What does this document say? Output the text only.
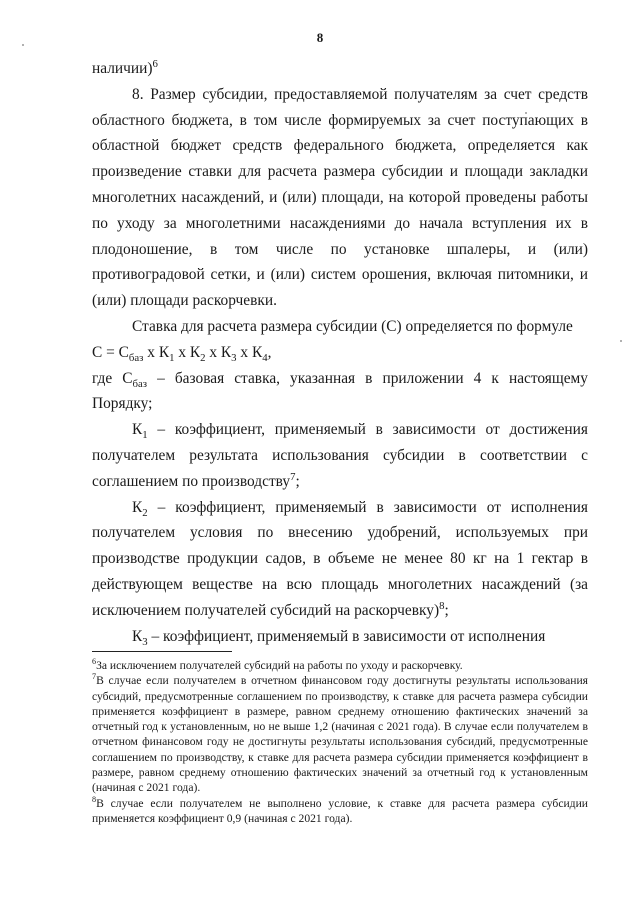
8

наличии)$^6$

8. Размер субсидии, предоставляемой получателям за счет средств областного бюджета, в том числе формируемых за счет поступающих в областной бюджет средств федерального бюджета, определяется как произведение ставки для расчета размера субсидии и площади закладки многолетних насаждений, и (или) площади, на которой проведены работы по уходу за многолетними насаждениями до начала вступления их в плодоношение, в том числе по установке шпалеры, и (или) противоградовой сетки, и (или) систем орошения, включая питомники, и (или) площади раскорчевки.

Ставка для расчета размера субсидии (С) определяется по формуле

$С = С_{баз}$ x $К_1$ x $К_2$ x $К_3$ x $К_4$,

где $С_{баз}$ – базовая ставка, указанная в приложении 4 к настоящему Порядку;

$К_1$ – коэффициент, применяемый в зависимости от достижения получателем результата использования субсидии в соответствии с соглашением по производству$^7$;

$К_2$ – коэффициент, применяемый в зависимости от исполнения получателем условия по внесению удобрений, используемых при производстве продукции садов, в объеме не менее 80 кг на 1 гектар в действующем веществе на всю площадь многолетних насаждений (за исключением получателей субсидий на раскорчевку)$^8$;

$К_3$ – коэффициент, применяемый в зависимости от исполнения

$^6$За исключением получателей субсидий на работы по уходу и раскорчевку.

$^7$В случае если получателем в отчетном финансовом году достигнуты результаты использования субсидий, предусмотренные соглашением по производству, к ставке для расчета размера субсидии применяется коэффициент в размере, равном среднему отношению фактических значений за отчетный год к установленным, но не выше 1,2 (начиная с 2021 года). В случае если получателем в отчетном финансовом году не достигнуты результаты использования субсидий, предусмотренные соглашением по производству, к ставке для расчета размера субсидии применяется коэффициент в размере, равном среднему отношению фактических значений за отчетный год к установленным (начиная с 2021 года).

$^8$В случае если получателем не выполнено условие, к ставке для расчета размера субсидии применяется коэффициент 0,9 (начиная с 2021 года).
